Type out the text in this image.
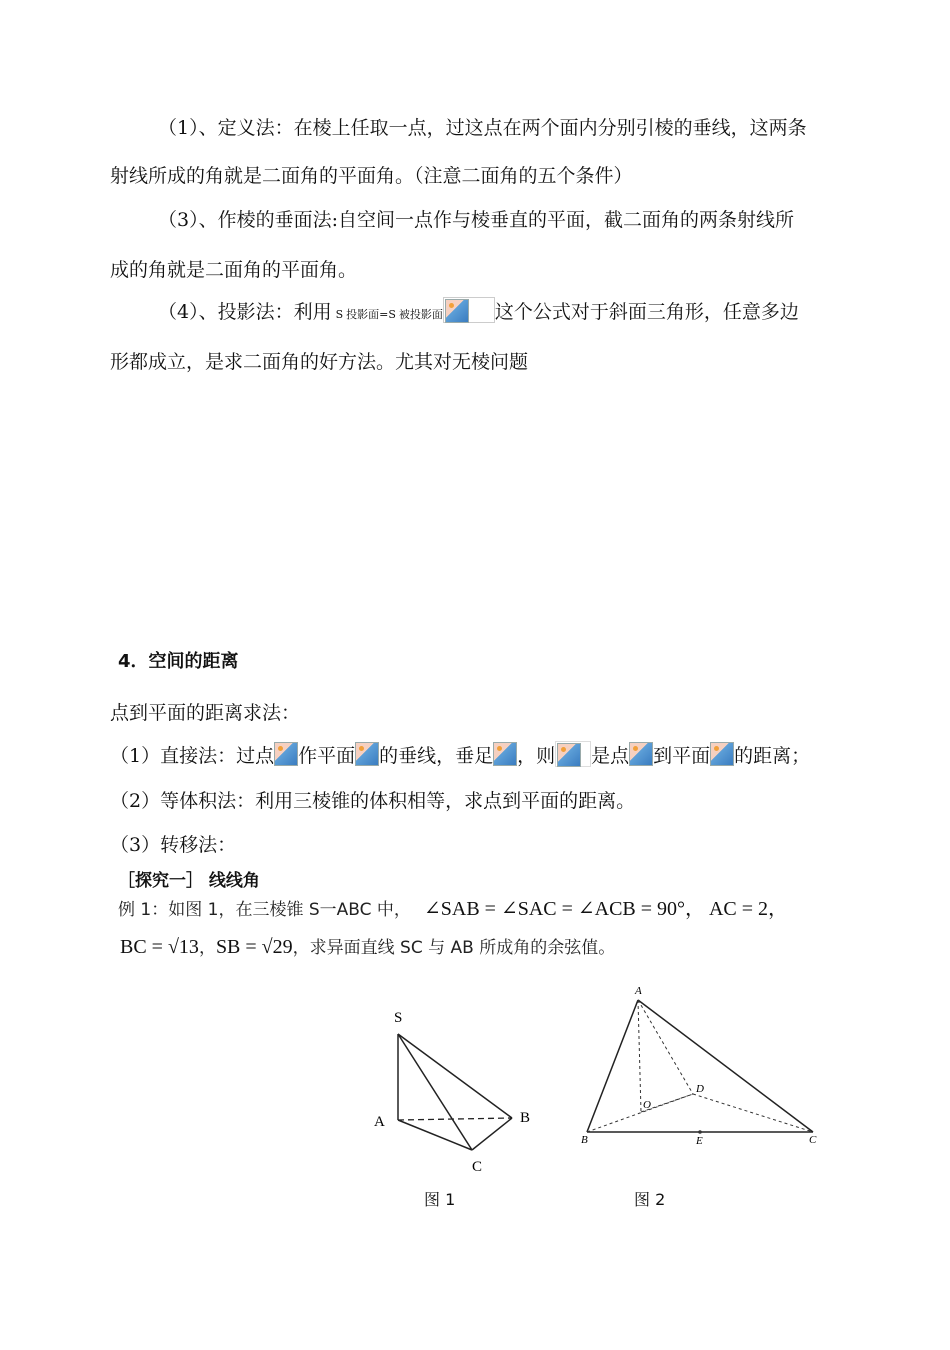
（1）、定义法：在棱上任取一点，过这点在两个面内分别引棱的垂线，这两条
射线所成的角就是二面角的平面角。（注意二面角的五个条件）
（3）、作棱的垂面法:自空间一点作与棱垂直的平面，截二面角的两条射线所
成的角就是二面角的平面角。
（4）、投影法：利用 S 投影面=S 被投影面	这个公式对于斜面三角形，任意多边
形都成立，是求二面角的好方法。尤其对无棱问题
4．空间的距离
点到平面的距离求法：
（1）直接法：过点 作平面 的垂线，垂足 ，则 是点 到平面 的距离；
（2）等体积法：利用三棱锥的体积相等，求点到平面的距离。
（3）转移法：
［探究一］ 线线角
例 1：如图 1，在三棱锥 S一ABC 中， ∠SAB = ∠SAC = ∠ACB = 90°， AC = 2，
BC = √13，SB = √29，求异面直线 SC 与 AB 所成角的余弦值。
S
A	B
C
图 1
A
B	C
D
O
E
图 2
